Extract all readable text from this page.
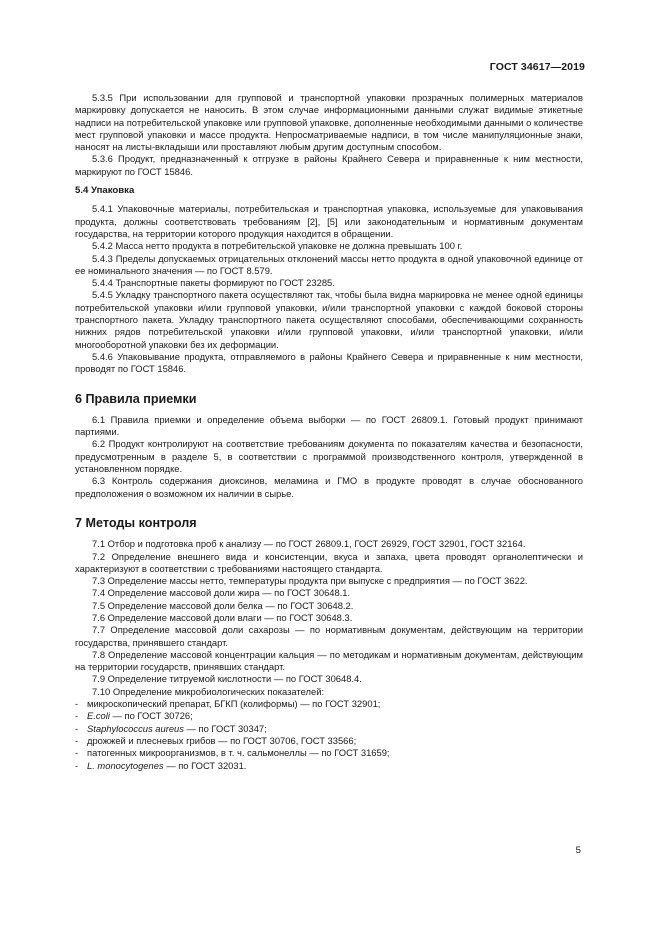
ГОСТ 34617—2019

5.3.5 При использовании для групповой и транспортной упаковки прозрачных полимерных материалов маркировку допускается не наносить. В этом случае информационными данными служат видимые этикетные надписи на потребительской упаковке или групповой упаковке, дополненные необходимыми данными о количестве мест групповой упаковки и массе продукта. Непросматриваемые надписи, в том числе манипуляционные знаки, наносят на листы-вкладыши или проставляют любым другим доступным способом.

5.3.6 Продукт, предназначенный к отгрузке в районы Крайнего Севера и приравненные к ним местности, маркируют по ГОСТ 15846.

5.4 Упаковка

5.4.1 Упаковочные материалы, потребительская и транспортная упаковка, используемые для упаковывания продукта, должны соответствовать требованиям [2], [5] или законодательным и нормативным документам государства, на территории которого продукция находится в обращении.

5.4.2 Масса нетто продукта в потребительской упаковке не должна превышать 100 г.

5.4.3 Пределы допускаемых отрицательных отклонений массы нетто продукта в одной упаковочной единице от ее номинального значения — по ГОСТ 8.579.

5.4.4 Транспортные пакеты формируют по ГОСТ 23285.

5.4.5 Укладку транспортного пакета осуществляют так, чтобы была видна маркировка не менее одной единицы потребительской упаковки и/или групповой упаковки, и/или транспортной упаковки с каждой боковой стороны транспортного пакета. Укладку транспортного пакета осуществляют способами, обеспечивающими сохранность нижних рядов потребительской упаковки и/или групповой упаковки, и/или транспортной упаковки, и/или многооборотной упаковки без их деформации.

5.4.6 Упаковывание продукта, отправляемого в районы Крайнего Севера и приравненные к ним местности, проводят по ГОСТ 15846.

6 Правила приемки

6.1 Правила приемки и определение объема выборки — по ГОСТ 26809.1. Готовый продукт принимают партиями.

6.2 Продукт контролируют на соответствие требованиям документа по показателям качества и безопасности, предусмотренным в разделе 5, в соответствии с программой производственного контроля, утвержденной в установленном порядке.

6.3 Контроль содержания диоксинов, меламина и ГМО в продукте проводят в случае обоснованного предположения о возможном их наличии в сырье.

7 Методы контроля

7.1 Отбор и подготовка проб к анализу — по ГОСТ 26809.1, ГОСТ 26929, ГОСТ 32901, ГОСТ 32164.

7.2 Определение внешнего вида и консистенции, вкуса и запаха, цвета проводят органолептически и характеризуют в соответствии с требованиями настоящего стандарта.

7.3 Определение массы нетто, температуры продукта при выпуске с предприятия — по ГОСТ 3622.

7.4 Определение массовой доли жира — по ГОСТ 30648.1.

7.5 Определение массовой доли белка — по ГОСТ 30648.2.

7.6 Определение массовой доли влаги — по ГОСТ 30648.3.

7.7 Определение массовой доли сахарозы — по нормативным документам, действующим на территории государства, принявшего стандарт.

7.8 Определение массовой концентрации кальция — по методикам и нормативным документам, действующим на территории государств, принявших стандарт.

7.9 Определение титруемой кислотности — по ГОСТ 30648.4.

7.10 Определение микробиологических показателей:

- микроскопический препарат, БГКП (колиформы) — по ГОСТ 32901;

- E.coli — по ГОСТ 30726;

- Staphylococcus aureus — по ГОСТ 30347;

- дрожжей и плесневых грибов — по ГОСТ 30706, ГОСТ 33566;

- патогенных микроорганизмов, в т. ч. сальмонеллы — по ГОСТ 31659;

- L. monocytogenes — по ГОСТ 32031.

5
